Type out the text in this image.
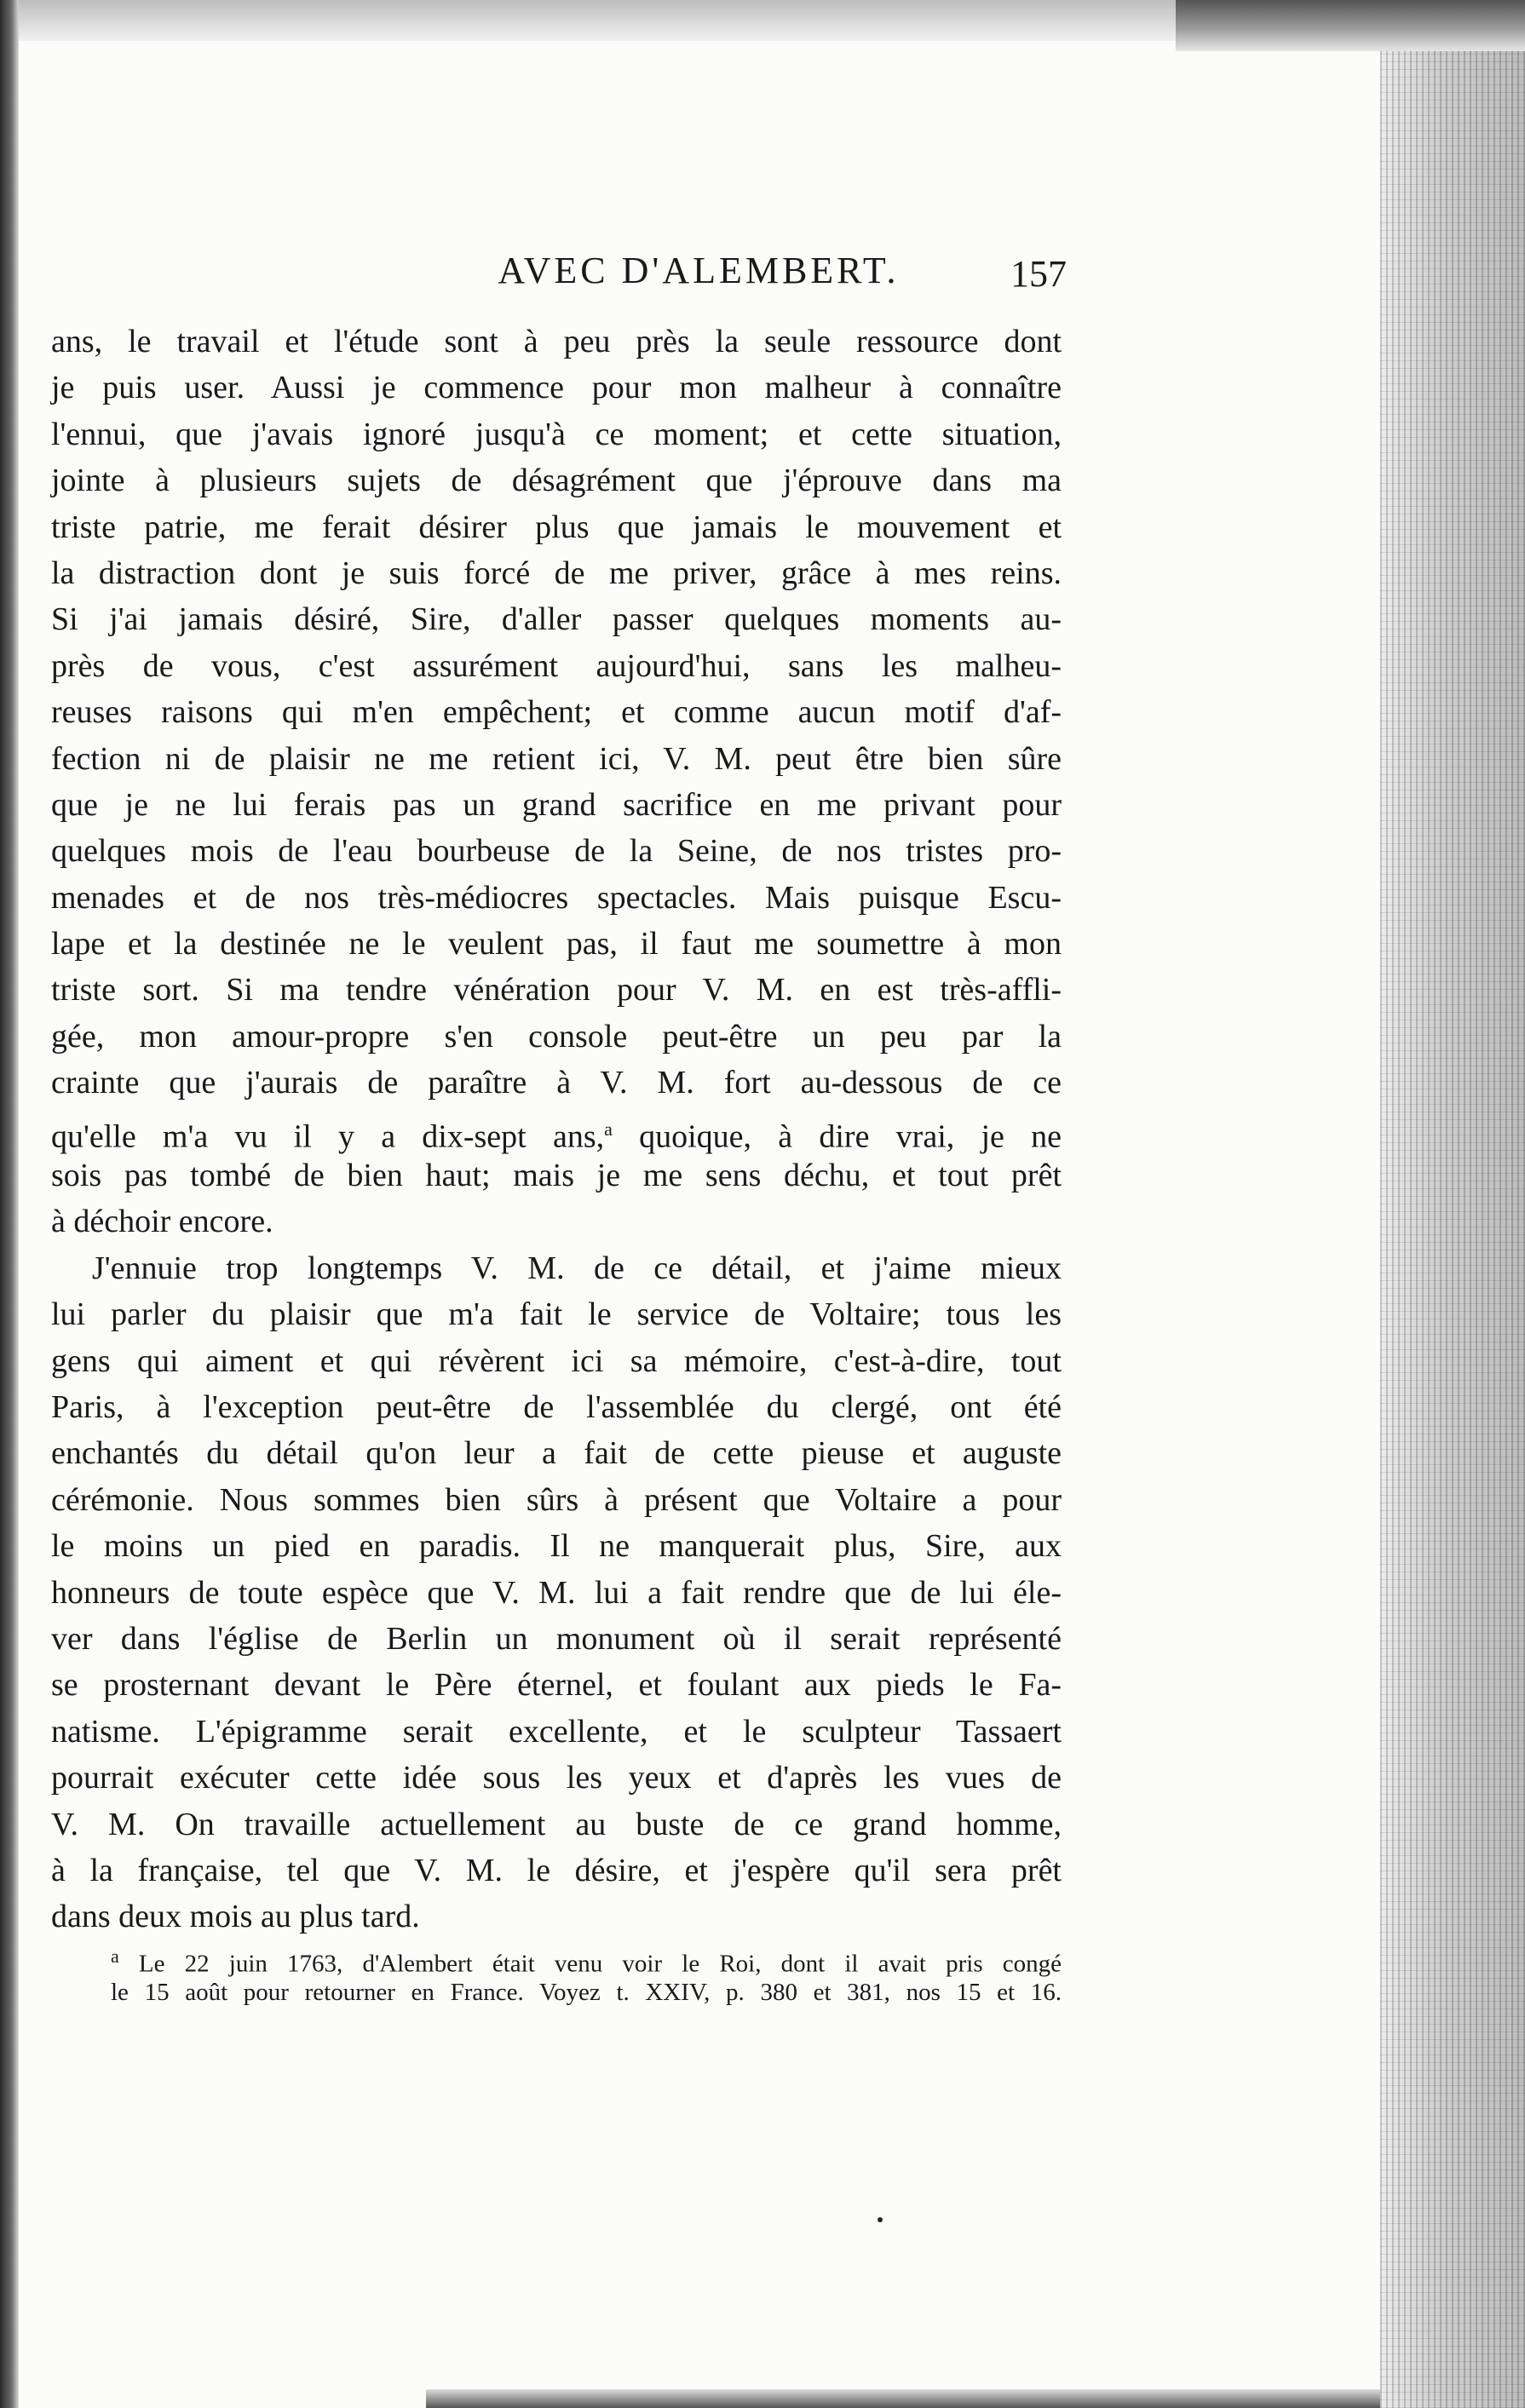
AVEC D'ALEMBERT.	157
ans, le travail et l'étude sont à peu près la seule ressource dont
je puis user. Aussi je commence pour mon malheur à connaître
l'ennui, que j'avais ignoré jusqu'à ce moment; et cette situation,
jointe à plusieurs sujets de désagrément que j'éprouve dans ma
triste patrie, me ferait désirer plus que jamais le mouvement et
la distraction dont je suis forcé de me priver, grâce à mes reins.
Si j'ai jamais désiré, Sire, d'aller passer quelques moments au-
près de vous, c'est assurément aujourd'hui, sans les malheu-
reuses raisons qui m'en empêchent; et comme aucun motif d'af-
fection ni de plaisir ne me retient ici, V. M. peut être bien sûre
que je ne lui ferais pas un grand sacrifice en me privant pour
quelques mois de l'eau bourbeuse de la Seine, de nos tristes pro-
menades et de nos très-médiocres spectacles. Mais puisque Escu-
lape et la destinée ne le veulent pas, il faut me soumettre à mon
triste sort. Si ma tendre vénération pour V. M. en est très-affli-
gée, mon amour-propre s'en console peut-être un peu par la
crainte que j'aurais de paraître à V. M. fort au-dessous de ce
qu'elle m'a vu il y a dix-sept ans,$^a$ quoique, à dire vrai, je ne
sois pas tombé de bien haut; mais je me sens déchu, et tout prêt
à déchoir encore.
J'ennuie trop longtemps V. M. de ce détail, et j'aime mieux
lui parler du plaisir que m'a fait le service de Voltaire; tous les
gens qui aiment et qui révèrent ici sa mémoire, c'est-à-dire, tout
Paris, à l'exception peut-être de l'assemblée du clergé, ont été
enchantés du détail qu'on leur a fait de cette pieuse et auguste
cérémonie. Nous sommes bien sûrs à présent que Voltaire a pour
le moins un pied en paradis. Il ne manquerait plus, Sire, aux
honneurs de toute espèce que V. M. lui a fait rendre que de lui éle-
ver dans l'église de Berlin un monument où il serait représenté
se prosternant devant le Père éternel, et foulant aux pieds le Fa-
natisme. L'épigramme serait excellente, et le sculpteur Tassaert
pourrait exécuter cette idée sous les yeux et d'après les vues de
V. M. On travaille actuellement au buste de ce grand homme,
à la française, tel que V. M. le désire, et j'espère qu'il sera prêt
dans deux mois au plus tard.
$^a$ Le 22 juin 1763, d'Alembert était venu voir le Roi, dont il avait pris congé
le 15 août pour retourner en France. Voyez t. XXIV, p. 380 et 381, nos 15 et 16.
